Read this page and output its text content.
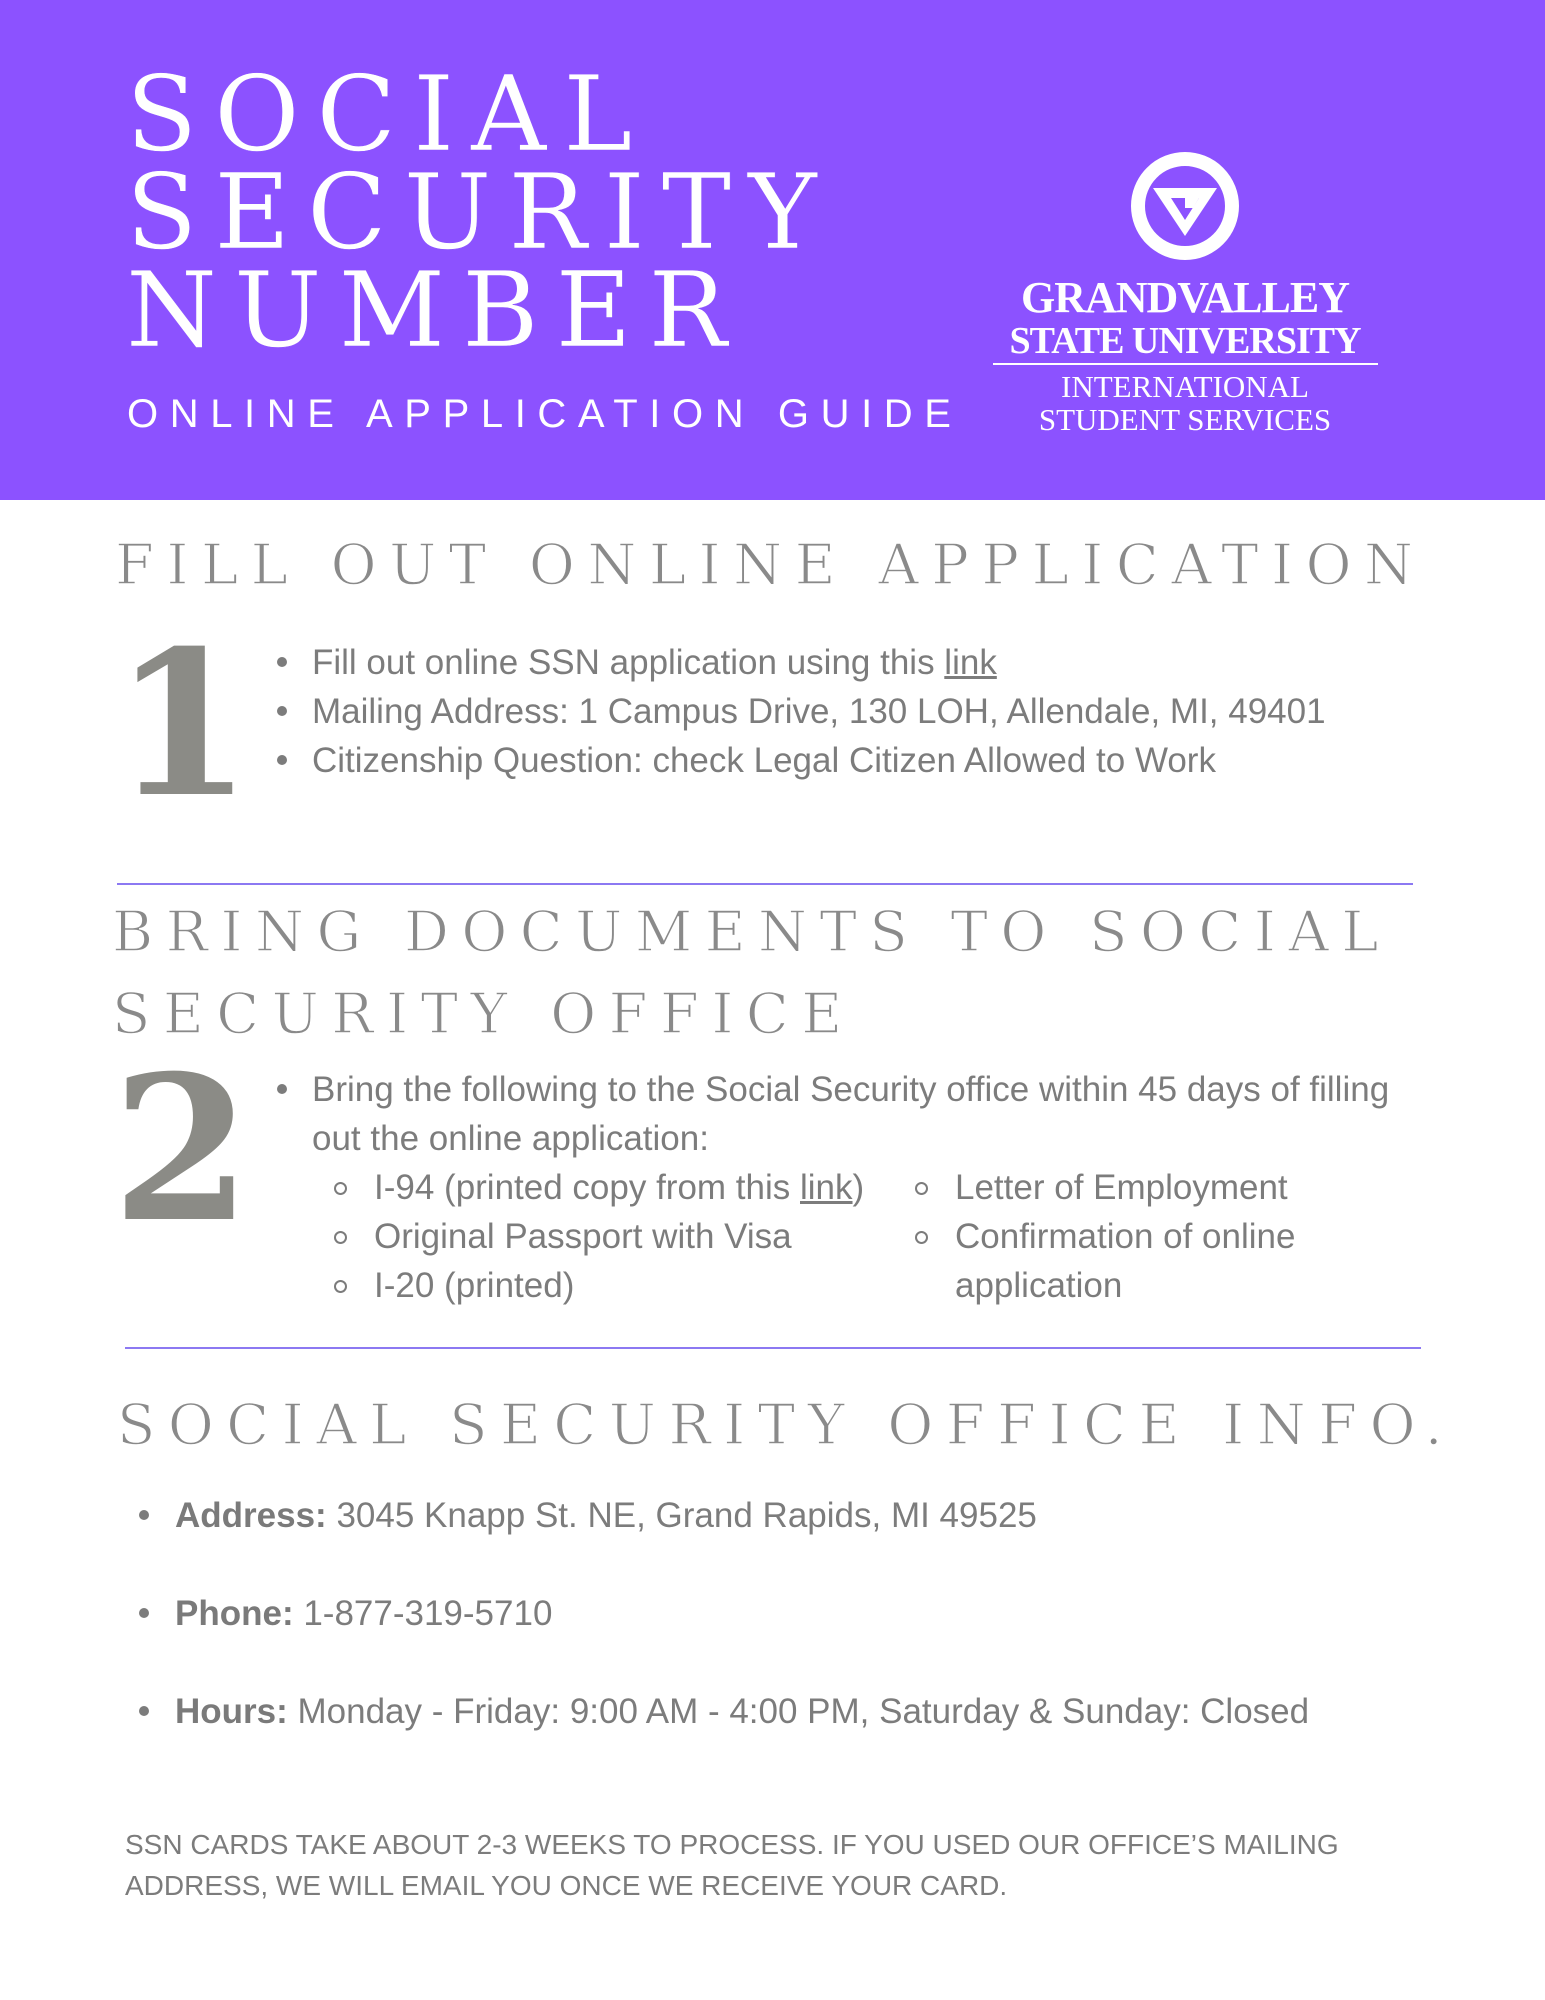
SOCIAL
SECURITY
NUMBER

ONLINE APPLICATION GUIDE

GRANDVALLEY
STATE UNIVERSITY
INTERNATIONAL
STUDENT SERVICES
FILL OUT ONLINE APPLICATION
1	Fill out online SSN application using this link
Mailing Address: 1 Campus Drive, 130 LOH, Allendale, MI, 49401
Citizenship Question: check Legal Citizen Allowed to Work
BRING DOCUMENTS TO SOCIAL
SECURITY OFFICE
2	Bring the following to the Social Security office within 45 days of filling out the online application:
I-94 (printed copy from this link)
Original Passport with Visa
I-20 (printed)
Letter of Employment
Confirmation of online application
SOCIAL SECURITY OFFICE INFO.
Address: 3045 Knapp St. NE, Grand Rapids, MI 49525
Phone: 1-877-319-5710
Hours: Monday - Friday: 9:00 AM - 4:00 PM, Saturday & Sunday: Closed

SSN CARDS TAKE ABOUT 2-3 WEEKS TO PROCESS. IF YOU USED OUR OFFICE’S MAILING ADDRESS, WE WILL EMAIL YOU ONCE WE RECEIVE YOUR CARD.
